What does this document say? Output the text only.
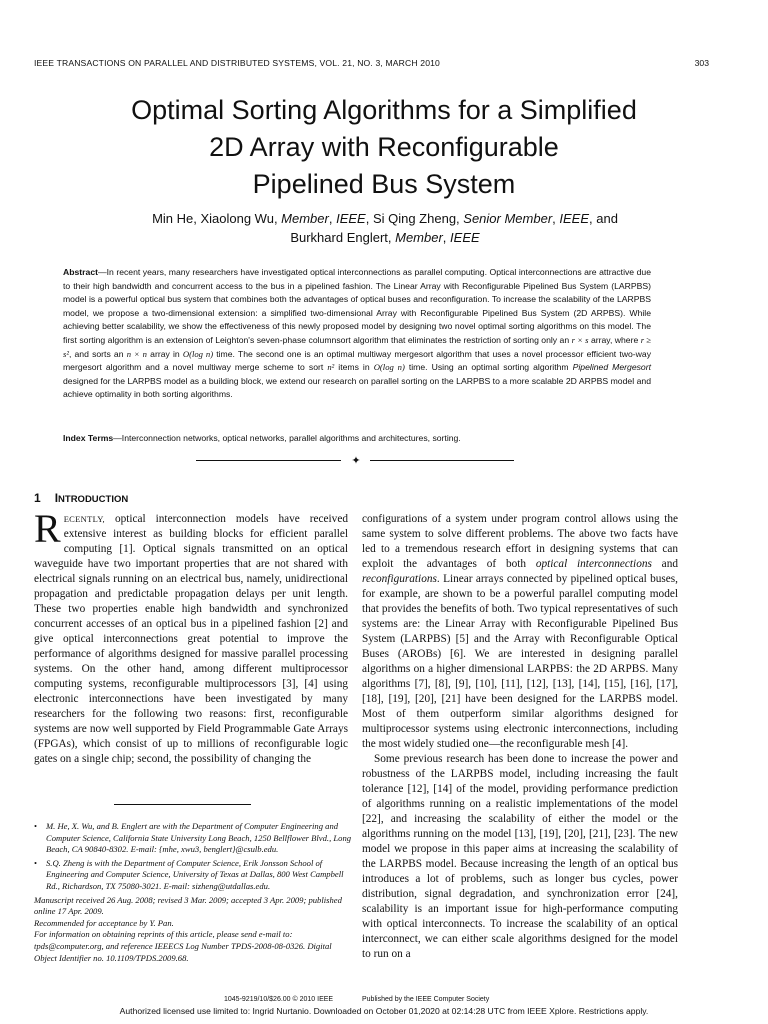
IEEE TRANSACTIONS ON PARALLEL AND DISTRIBUTED SYSTEMS, VOL. 21, NO. 3, MARCH 2010	303
Optimal Sorting Algorithms for a Simplified
2D Array with Reconfigurable
Pipelined Bus System
Min He, Xiaolong Wu, Member, IEEE, Si Qing Zheng, Senior Member, IEEE, and
Burkhard Englert, Member, IEEE
Abstract—In recent years, many researchers have investigated optical interconnections as parallel computing. Optical interconnections are attractive due to their high bandwidth and concurrent access to the bus in a pipelined fashion. The Linear Array with Reconfigurable Pipelined Bus System (LARPBS) model is a powerful optical bus system that combines both the advantages of optical buses and reconfiguration. To increase the scalability of the LARPBS model, we propose a two-dimensional extension: a simplified two-dimensional Array with Reconfigurable Pipelined Bus System (2D ARPBS). While achieving better scalability, we show the effectiveness of this newly proposed model by designing two novel optimal sorting algorithms on this model. The first sorting algorithm is an extension of Leighton's seven-phase columnsort algorithm that eliminates the restriction of sorting only an r × s array, where r ≥ s², and sorts an n × n array in O(log n) time. The second one is an optimal multiway mergesort algorithm that uses a novel processor efficient two-way mergesort algorithm and a novel multiway merge scheme to sort n² items in O(log n) time. Using an optimal sorting algorithm Pipelined Mergesort designed for the LARPBS model as a building block, we extend our research on parallel sorting on the LARPBS to a more scalable 2D ARPBS model and achieve optimality in both sorting algorithms.
Index Terms—Interconnection networks, optical networks, parallel algorithms and architectures, sorting.
✦
1 INTRODUCTION

RECENTLY, optical interconnection models have received extensive interest as building blocks for efficient parallel computing [1]. Optical signals transmitted on an optical waveguide have two important properties that are not shared with electrical signals running on an electrical bus, namely, unidirectional propagation and predictable propagation delays per unit length. These two properties enable high bandwidth and synchronized concurrent accesses of an optical bus in a pipelined fashion [2] and give optical interconnections great potential to improve the performance of algorithms designed for massive parallel processing systems. On the other hand, among different multiprocessor computing systems, reconfigurable multiprocessors [3], [4] using electronic interconnections have been investigated by many researchers for the following two reasons: first, reconfigurable systems are now well supported by Field Programmable Gate Arrays (FPGAs), which consist of up to millions of reconfigurable logic gates on a single chip; second, the possibility of changing the

• M. He, X. Wu, and B. Englert are with the Department of Computer Engineering and Computer Science, California State University Long Beach, 1250 Bellflower Blvd., Long Beach, CA 90840-8302. E-mail: {mhe, xwu3, benglert}@csulb.edu.
• S.Q. Zheng is with the Department of Computer Science, Erik Jonsson School of Engineering and Computer Science, University of Texas at Dallas, 800 West Campbell Rd., Richardson, TX 75080-3021. E-mail: sizheng@utdallas.edu.

Manuscript received 26 Aug. 2008; revised 3 Mar. 2009; accepted 3 Apr. 2009; published online 17 Apr. 2009.

Recommended for acceptance by Y. Pan.

For information on obtaining reprints of this article, please send e-mail to: tpds@computer.org, and reference IEEECS Log Number TPDS-2008-08-0326. Digital Object Identifier no. 10.1109/TPDS.2009.68.

configurations of a system under program control allows using the same system to solve different problems. The above two facts have led to a tremendous research effort in designing systems that can exploit the advantages of both optical interconnections and reconfigurations. Linear arrays connected by pipelined optical buses, for example, are shown to be a powerful parallel computing model that provides the benefits of both. Two typical representatives of such systems are: the Linear Array with Reconfigurable Pipelined Bus System (LARPBS) [5] and the Array with Reconfigurable Optical Buses (AROBs) [6]. We are interested in designing parallel algorithms on a higher dimensional LARPBS: the 2D ARPBS. Many algorithms [7], [8], [9], [10], [11], [12], [13], [14], [15], [16], [17], [18], [19], [20], [21] have been designed for the LARPBS model. Most of them outperform similar algorithms designed for multiprocessor systems using electronic interconnections, including the most widely studied one—the reconfigurable mesh [4].

Some previous research has been done to increase the power and robustness of the LARPBS model, including increasing the fault tolerance [12], [14] of the model, providing performance prediction of algorithms running on a realistic implementations of the model [22], and increasing the scalability of either the model or the algorithms running on the model [13], [19], [20], [21], [23]. The new model we propose in this paper aims at increasing the scalability of the LARPBS model. Because increasing the length of an optical bus introduces a lot of problems, such as longer bus cycles, power distribution, signal degradation, and synchronization error [24], scalability is an important issue for high-performance computing with optical interconnects. To increase the scalability of an optical interconnect, we can either scale algorithms designed for the model to run on a

1045-9219/10/$26.00 © 2010 IEEE	Published by the IEEE Computer Society
Authorized licensed use limited to: Ingrid Nurtanio. Downloaded on October 01,2020 at 02:14:28 UTC from IEEE Xplore. Restrictions apply.
